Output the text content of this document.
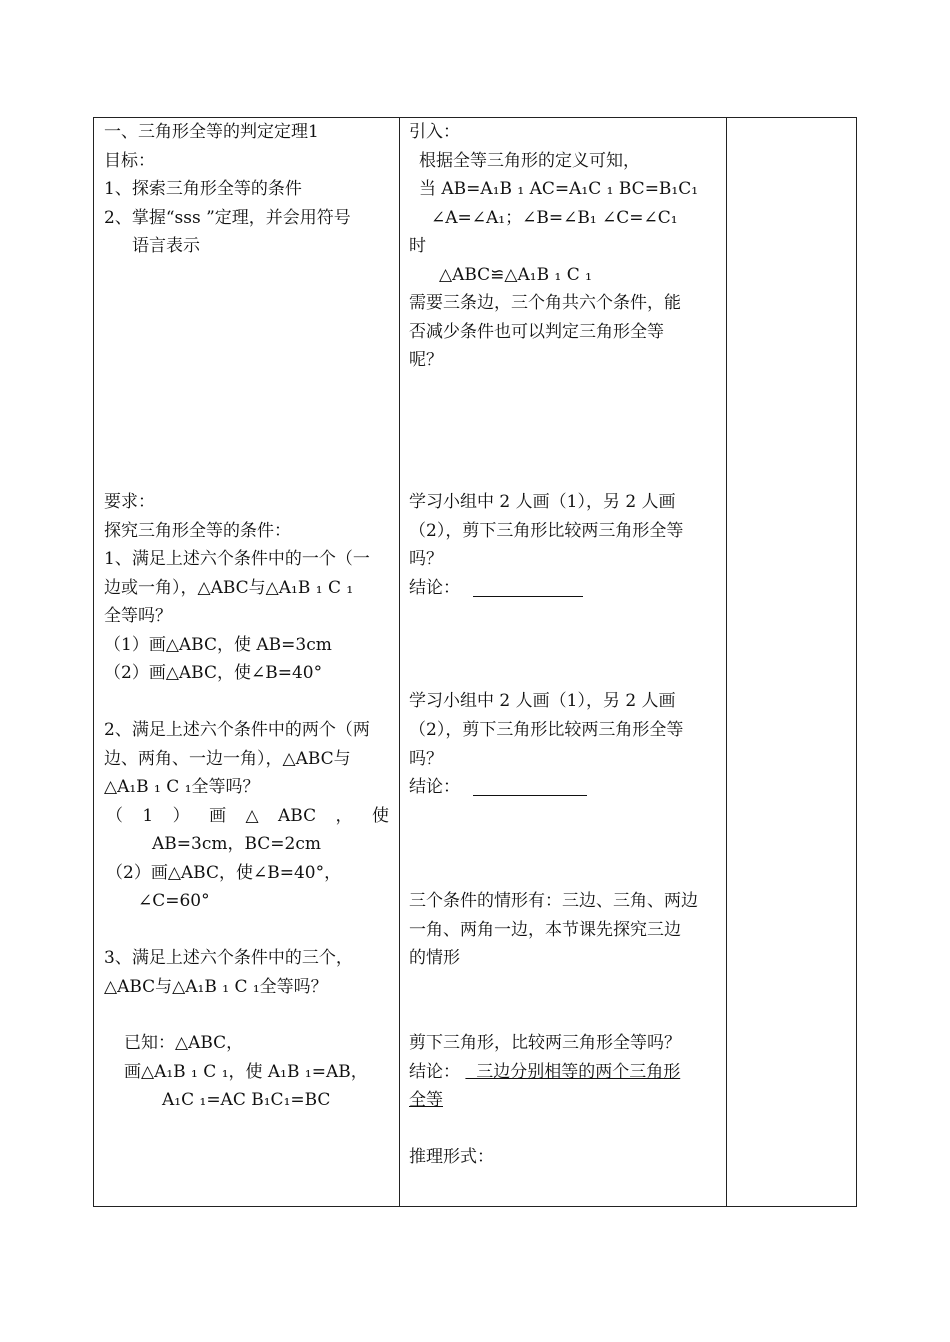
一、三角形全等的判定定理1
目标：
1、探索三角形全等的条件
2、掌握“sss ”定理，并会用符号
语言表示
要求：
探究三角形全等的条件：
1、满足上述六个条件中的一个（一
边或一角），△ABC与△A₁B ₁ C ₁
全等吗？
（1）画△ABC，使 AB=3cm
（2）画△ABC，使∠B=40°
2、满足上述六个条件中的两个（两
边、两角、一边一角），△ABC与
△A₁B ₁ C ₁全等吗？
（ 1 ） 画 △ ABC ， 使
AB=3cm，BC=2cm
（2）画△ABC，使∠B=40°，
∠C=60°
3、满足上述六个条件中的三个，
△ABC与△A₁B ₁ C ₁全等吗？
已知：△ABC，
画△A₁B ₁ C ₁，使 A₁B ₁=AB，
A₁C ₁=AC B₁C₁=BC
引入：
根据全等三角形的定义可知，
当 AB=A₁B ₁ AC=A₁C ₁ BC=B₁C₁
∠A=∠A₁；∠B=∠B₁ ∠C=∠C₁
时
△ABC≌△A₁B ₁ C ₁
需要三条边，三个角共六个条件，能
否减少条件也可以判定三角形全等
呢？
学习小组中 2 人画（1），另 2 人画
（2），剪下三角形比较两三角形全等
吗？
结论：
学习小组中 2 人画（1），另 2 人画
（2），剪下三角形比较两三角形全等
吗？
结论：
三个条件的情形有：三边、三角、两边
一角、两角一边，本节课先探究三边
的情形
剪下三角形，比较两三角形全等吗？
结论：   三边分别相等的两个三角形
全等
推理形式：
